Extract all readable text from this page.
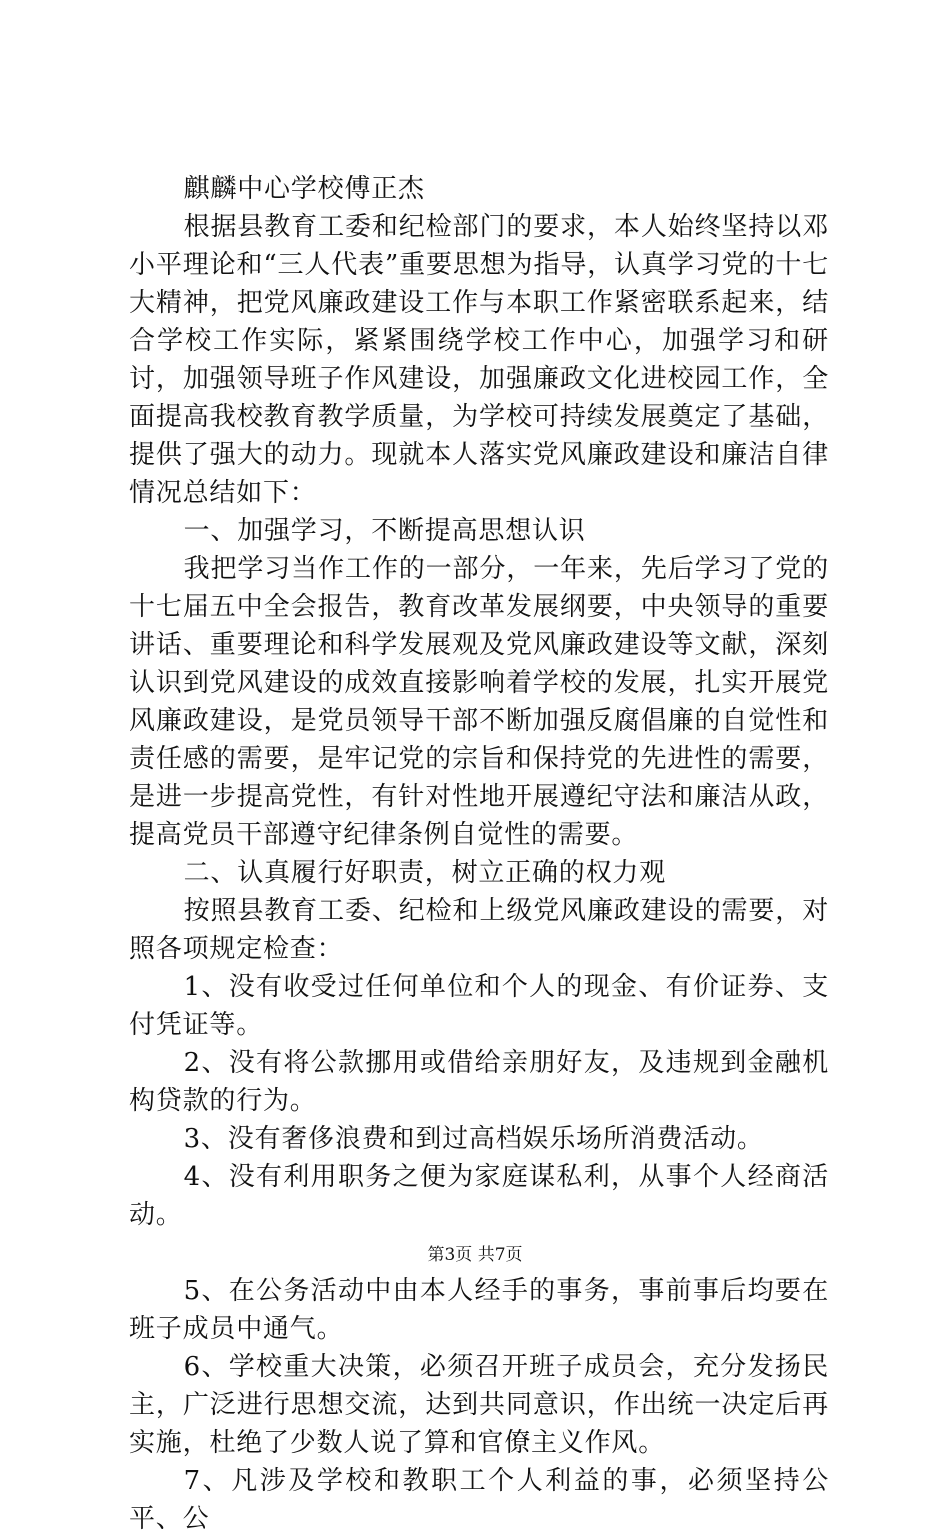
麒麟中心学校傅正杰

根据县教育工委和纪检部门的要求，本人始终坚持以邓小平理论和“三人代表”重要思想为指导，认真学习党的十七大精神，把党风廉政建设工作与本职工作紧密联系起来，结合学校工作实际，紧紧围绕学校工作中心，加强学习和研讨，加强领导班子作风建设，加强廉政文化进校园工作，全面提高我校教育教学质量，为学校可持续发展奠定了基础，提供了强大的动力。现就本人落实党风廉政建设和廉洁自律情况总结如下：

一、加强学习，不断提高思想认识

我把学习当作工作的一部分，一年来，先后学习了党的十七届五中全会报告，教育改革发展纲要，中央领导的重要讲话、重要理论和科学发展观及党风廉政建设等文献，深刻认识到党风建设的成效直接影响着学校的发展，扎实开展党风廉政建设，是党员领导干部不断加强反腐倡廉的自觉性和责任感的需要，是牢记党的宗旨和保持党的先进性的需要，是进一步提高党性，有针对性地开展遵纪守法和廉洁从政，提高党员干部遵守纪律条例自觉性的需要。

二、认真履行好职责，树立正确的权力观

按照县教育工委、纪检和上级党风廉政建设的需要，对照各项规定检查：

1、没有收受过任何单位和个人的现金、有价证券、支付凭证等。

2、没有将公款挪用或借给亲朋好友，及违规到金融机构贷款的行为。

3、没有奢侈浪费和到过高档娱乐场所消费活动。

4、没有利用职务之便为家庭谋私利，从事个人经商活动。

5、在公务活动中由本人经手的事务，事前事后均要在班子成员中通气。

6、学校重大决策，必须召开班子成员会，充分发扬民主，广泛进行思想交流，达到共同意识，作出统一决定后再实施，杜绝了少数人说了算和官僚主义作风。

7、凡涉及学校和教职工个人利益的事，必须坚持公平、公

第3页 共7页
